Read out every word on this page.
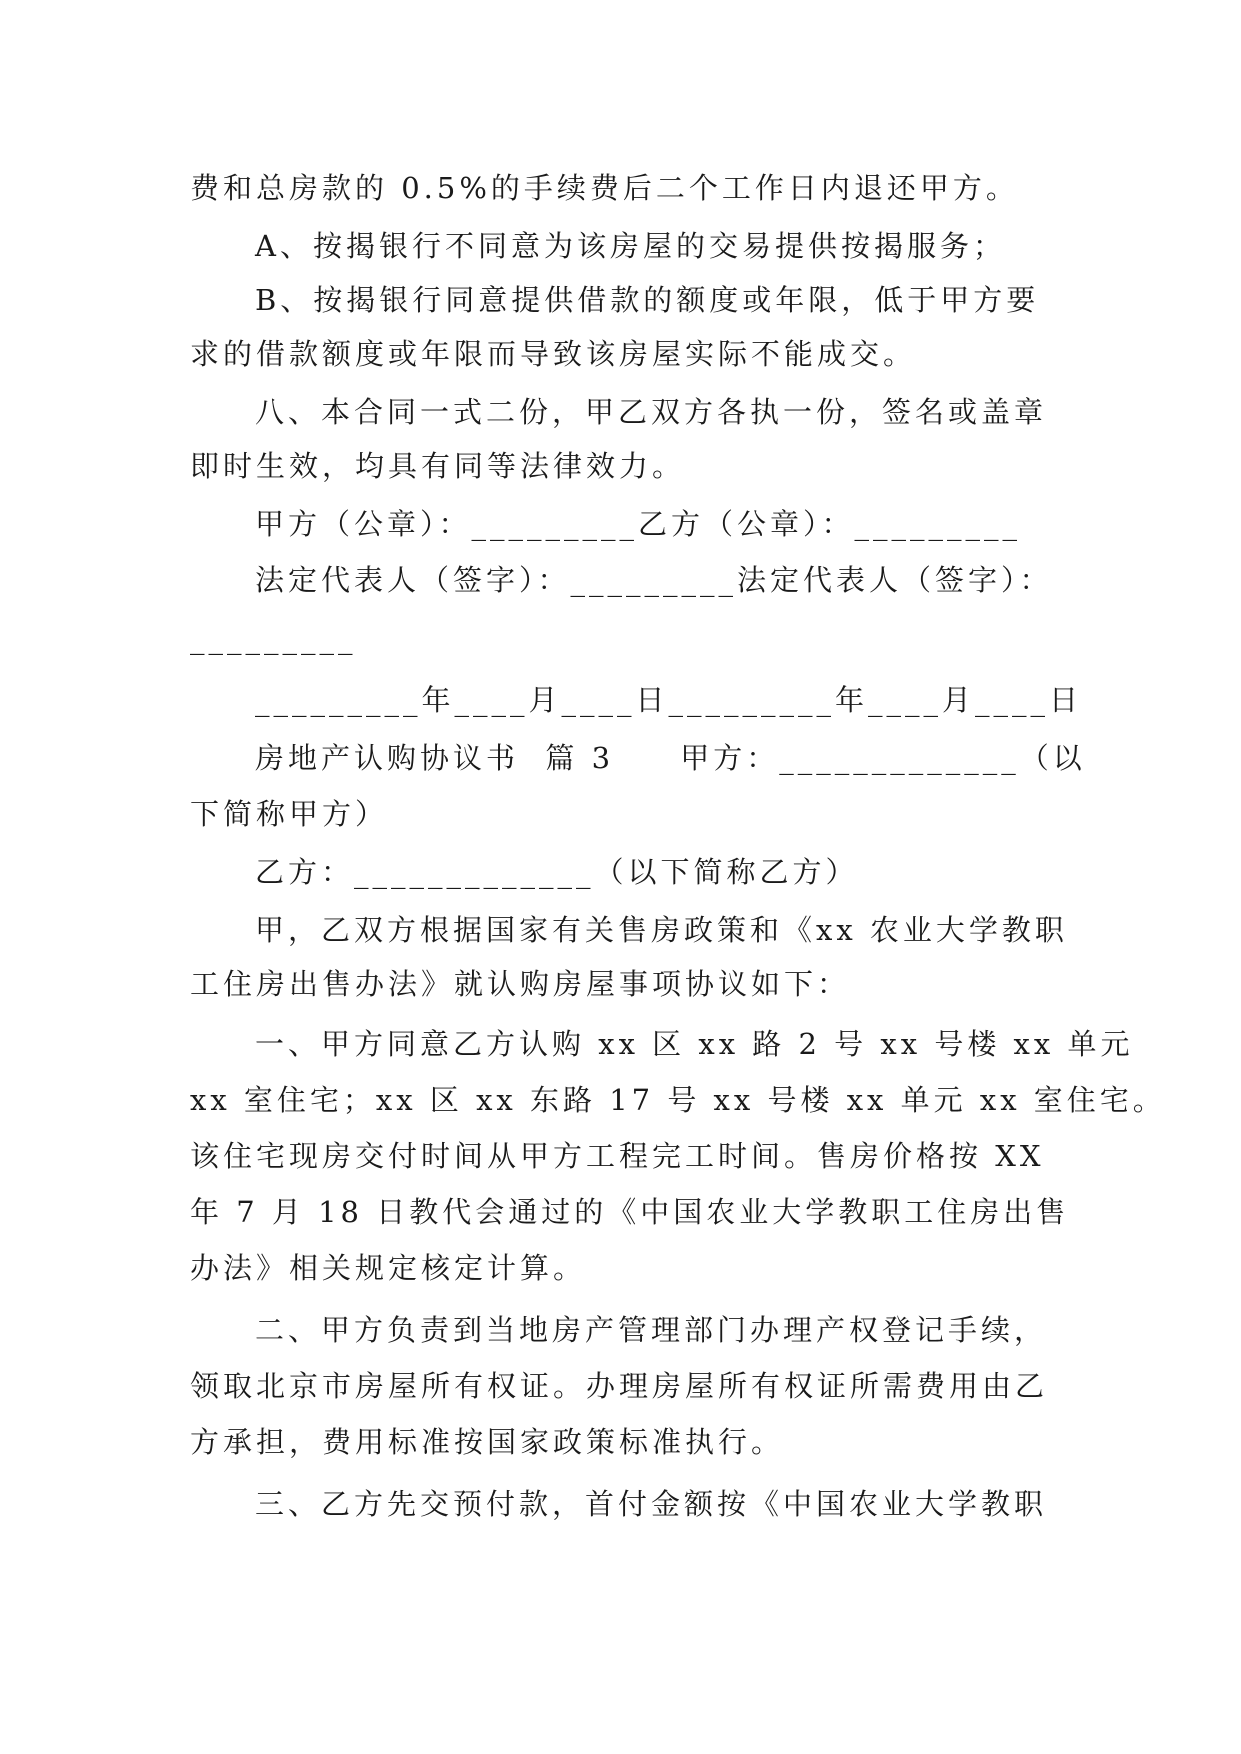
费和总房款的 0.5%的手续费后二个工作日内退还甲方。
A、按揭银行不同意为该房屋的交易提供按揭服务；
B、按揭银行同意提供借款的额度或年限，低于甲方要
求的借款额度或年限而导致该房屋实际不能成交。
八、本合同一式二份，甲乙双方各执一份，签名或盖章
即时生效，均具有同等法律效力。
甲方（公章）：_________乙方（公章）：_________
法定代表人（签字）：_________法定代表人（签字）：
_________
_________年____月____日_________年____月____日
房地产认购协议书  篇 3     甲方：_____________（以
下简称甲方）
乙方：_____________（以下简称乙方）
甲，乙双方根据国家有关售房政策和《xx 农业大学教职
工住房出售办法》就认购房屋事项协议如下：
一、甲方同意乙方认购 xx 区 xx 路 2 号 xx 号楼 xx 单元
xx 室住宅；xx 区 xx 东路 17 号 xx 号楼 xx 单元 xx 室住宅。
该住宅现房交付时间从甲方工程完工时间。售房价格按 XX
年 7 月 18 日教代会通过的《中国农业大学教职工住房出售
办法》相关规定核定计算。
二、甲方负责到当地房产管理部门办理产权登记手续，
领取北京市房屋所有权证。办理房屋所有权证所需费用由乙
方承担，费用标准按国家政策标准执行。
三、乙方先交预付款，首付金额按《中国农业大学教职
